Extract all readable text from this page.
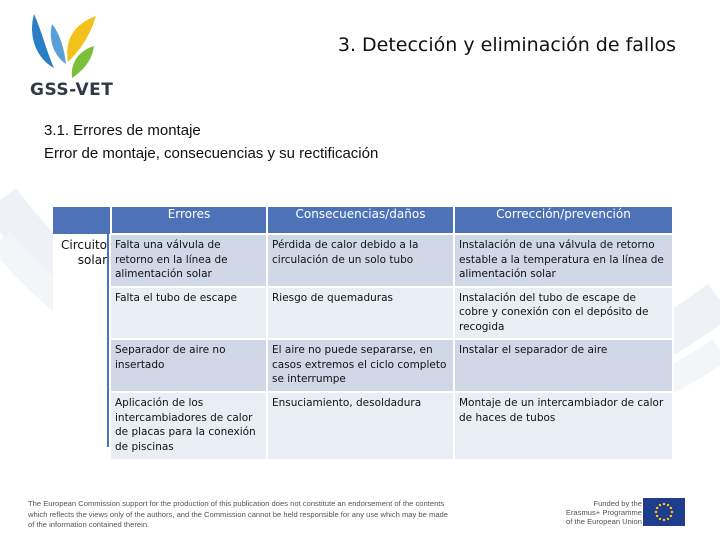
GSS-VET
3. Detección y eliminación de fallos
3.1. Errores de montaje
Error de montaje, consecuencias y su rectificación
	Errores	Consecuencias/daños	Corrección/prevención
Circuito solar	Falta una válvula de retorno en la línea de alimentación solar	Pérdida de calor debido a la circulación de un solo tubo	Instalación de una válvula de retorno estable a la temperatura en la línea de alimentación solar
	Falta el tubo de escape	Riesgo de quemaduras	Instalación del tubo de escape de cobre y conexión con el depósito de recogida
	Separador de aire no insertado	El aire no puede separarse, en casos extremos el ciclo completo se interrumpe	Instalar el separador de aire
	Aplicación de los intercambiadores de calor de placas para la conexión de piscinas	Ensuciamiento, desoldadura	Montaje de un intercambiador de calor de haces de tubos
The European Commission support for the production of this publication does not constitute an endorsement of the contents which reflects the views only of the authors, and the Commission cannot be held responsible for any use which may be made of the information contained therein.
Funded by the Erasmus+ Programme of the European Union
